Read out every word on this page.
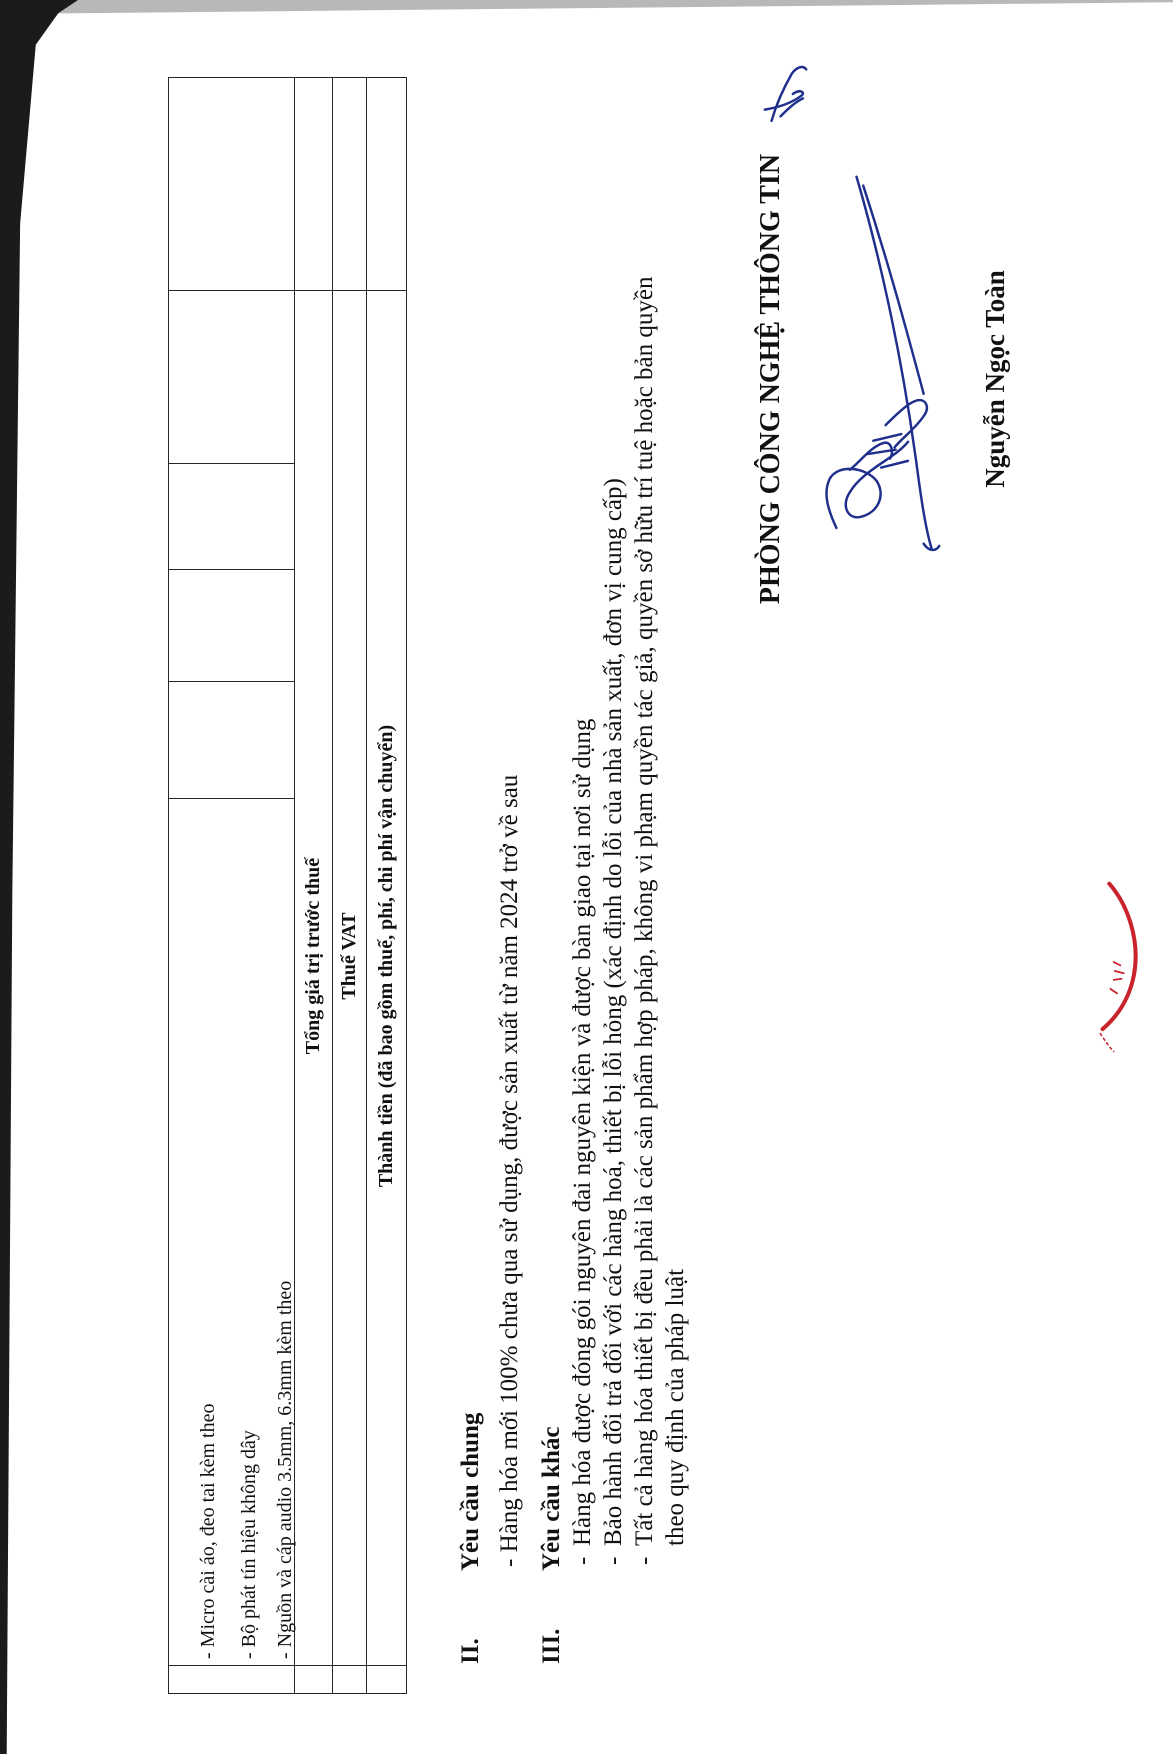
	- Micro cài áo, đeo tai kèm theo - Bộ phát tín hiệu không dây - Nguồn và cáp audio 3.5mm, 6.3mm kèm theo					

	Tổng giá trị trước thuế					

	Thuế VAT					

	Thành tiền (đã bao gồm thuế, phí, chi phí vận chuyển)					

II.
Yêu cầu chung - Hàng hóa mới 100% chưa qua sử dụng, được sản xuất từ năm 2024 trở về sau
III.
Yêu cầu khác -
Hàng hóa được đóng gói nguyên đai nguyên kiện và được bàn giao tại nơi sử dụng
-
Bảo hành đổi trả đối với các hàng hoá, thiết bị lỗi hỏng (xác định do lỗi của nhà sản xuất, đơn vị cung cấp)
-
Tất cả hàng hóa thiết bị đều phải là các sản phẩm hợp pháp, không vi phạm quyền tác giả, quyền sở hữu trí tuệ hoặc bản quyền theo quy định của pháp luật
PHÒNG CÔNG NGHỆ THÔNG TIN	Nguyễn Ngọc Toàn
